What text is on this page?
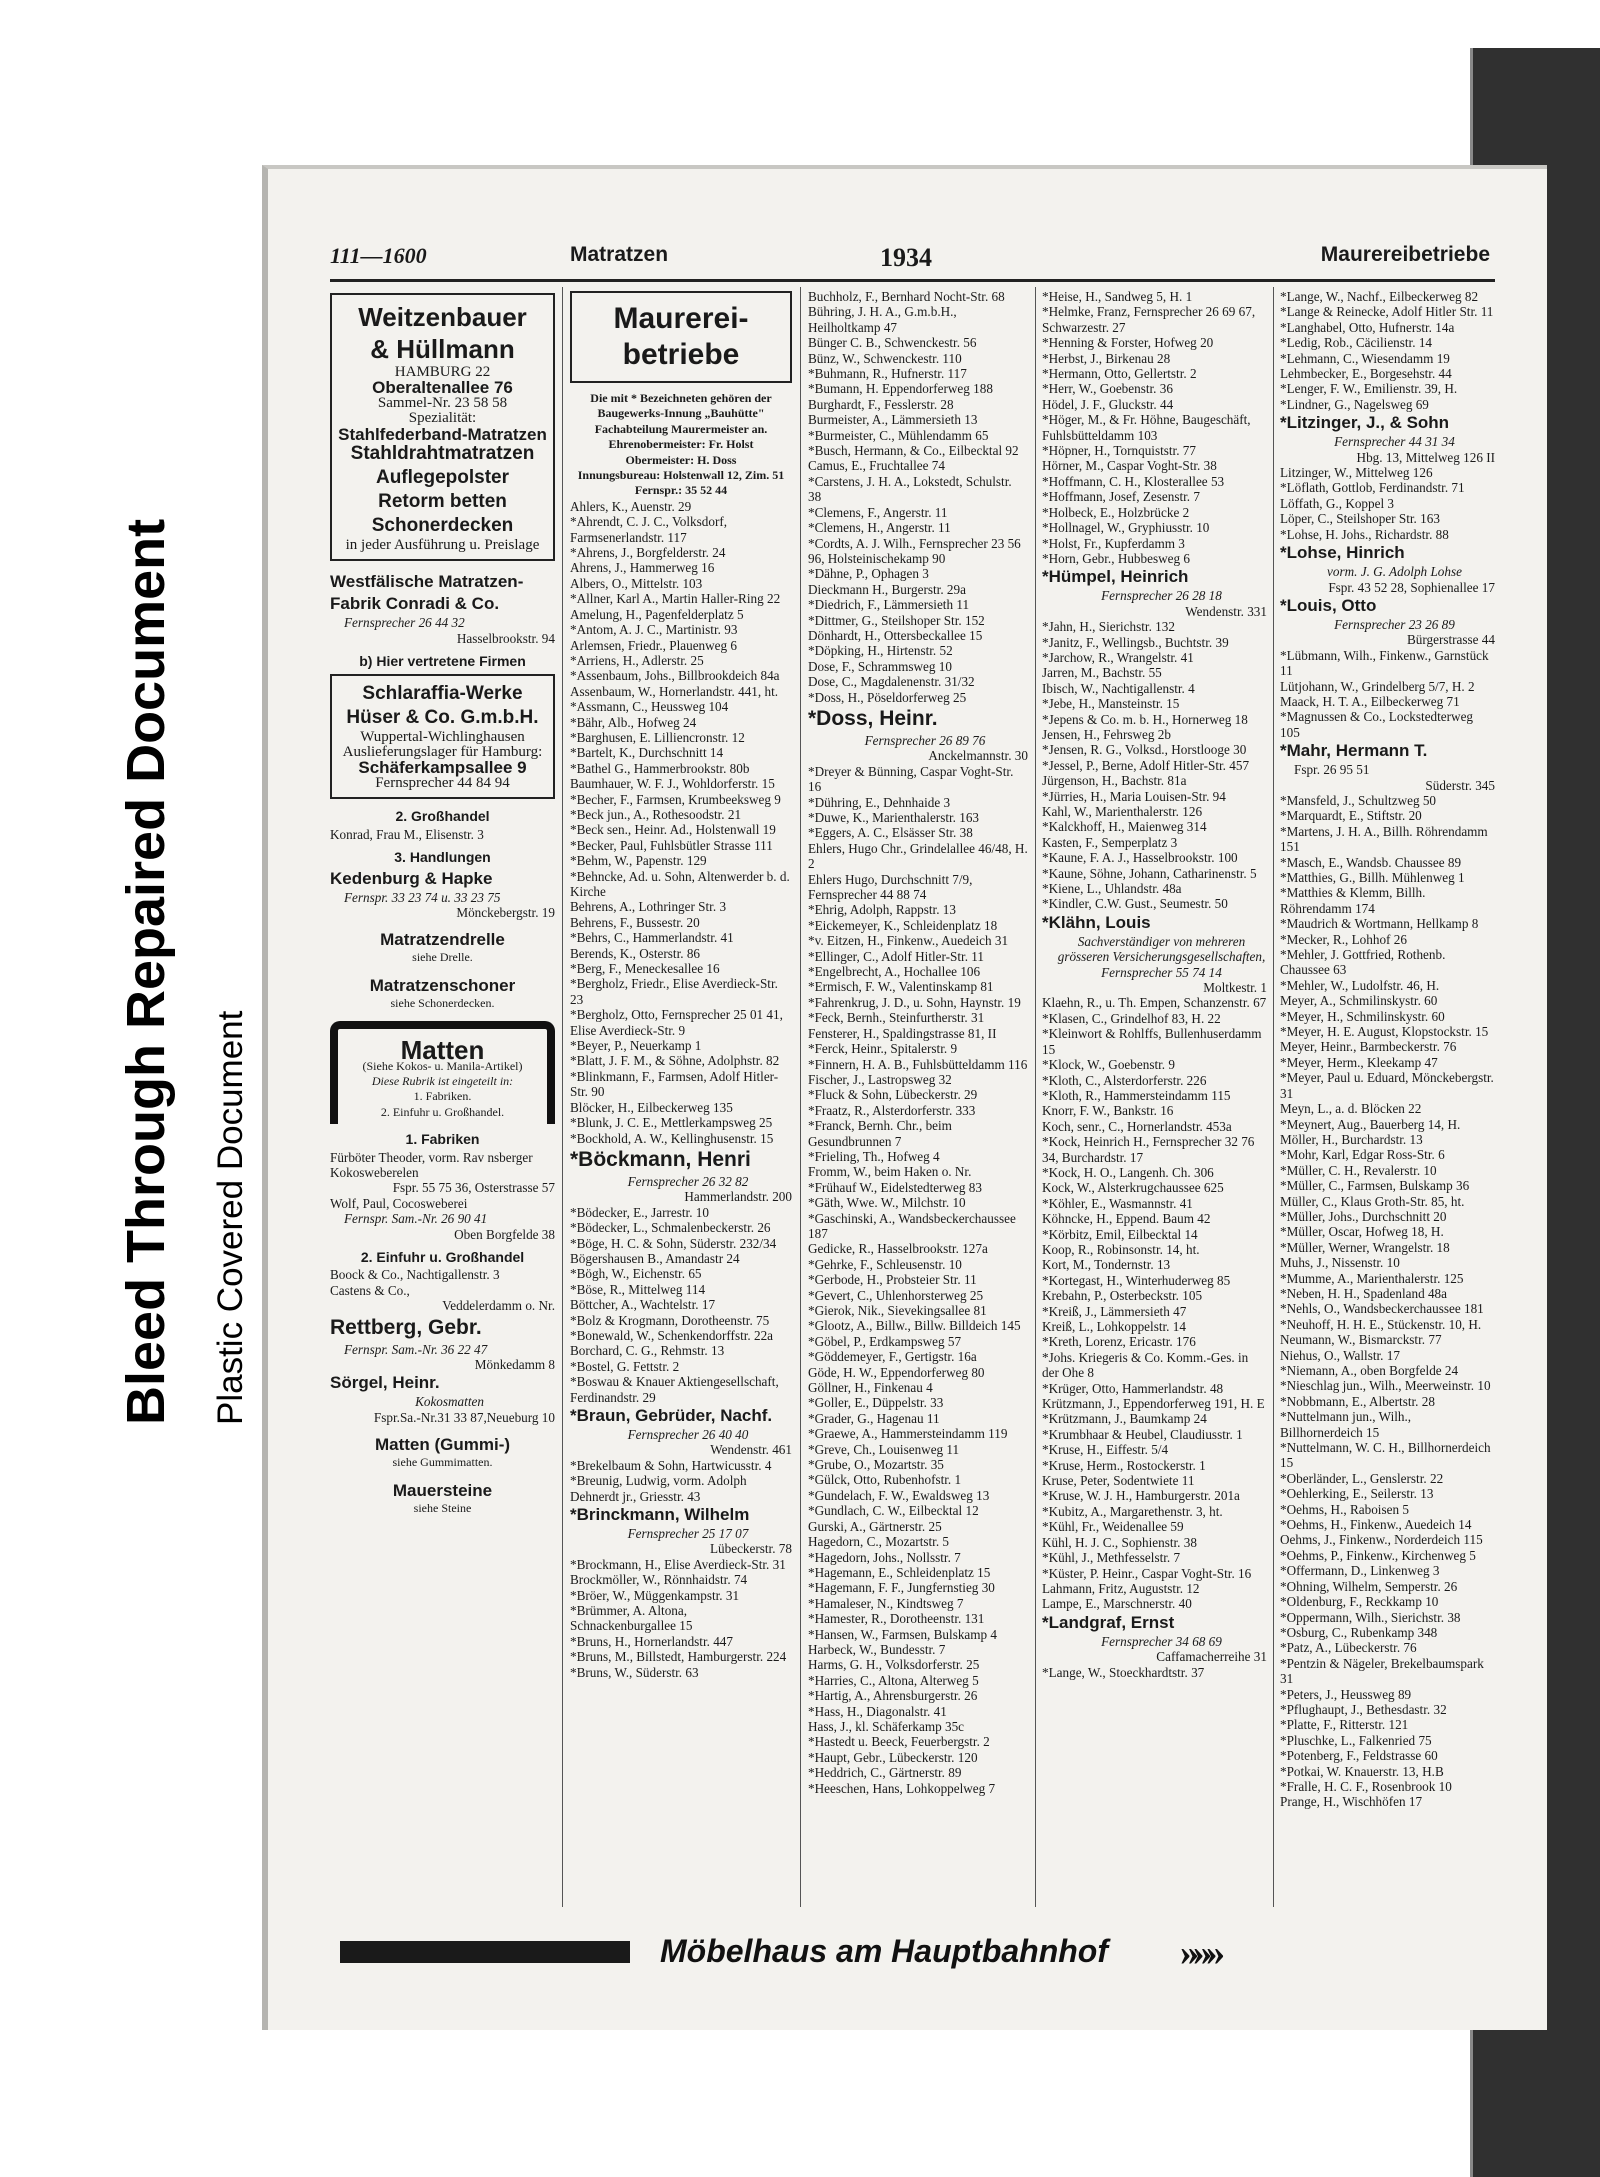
Bleed Through Repaired Document Plastic Covered Document
111—1600	Matratzen	1934	Maurereibetriebe
Weitzenbauer
& Hüllmann
HAMBURG 22
Oberaltenallee 76
Sammel-Nr. 23 58 58
Spezialität:
Stahlfederband-Matratzen
Stahldrahtmatratzen
Auflegepolster
Retorm betten
Schonerdecken
in jeder Ausführung u. Preislage
Westfälische Matratzen-Fabrik Conradi & Co.
Fernsprecher 26 44 32
Hasselbrookstr. 94
b) Hier vertretene Firmen
Schlaraffia-Werke
Hüser & Co. G.m.b.H.
Wuppertal-Wichlinghausen
Auslieferungslager für Hamburg:
Schäferkampsallee 9
Fernsprecher 44 84 94
2. Großhandel
Konrad, Frau M., Elisenstr. 3
3. Handlungen
Kedenburg & Hapke
Fernspr. 33 23 74 u. 33 23 75
Mönckebergstr. 19
Matratzendrelle
siehe Drelle.
Matratzenschoner
siehe Schonerdecken.
Matten
(Siehe Kokos- u. Manila-Artikel)
Diese Rubrik ist eingeteilt in:
1. Fabriken.
2. Einfuhr u. Großhandel.
1. Fabriken
Fürböter Theoder, vorm. Rav nsberger Kokosweberelen
Fspr. 55 75 36, Osterstrasse 57
Wolf, Paul, Cocosweberei
Fernspr. Sam.-Nr. 26 90 41
Oben Borgfelde 38
2. Einfuhr u. Großhandel
Boock & Co., Nachtigallenstr. 3
Castens & Co.,
Veddelerdamm o. Nr.
Rettberg, Gebr.
Fernspr. Sam.-Nr. 36 22 47
Mönkedamm 8
Sörgel, Heinr.
Kokosmatten
Fspr.Sa.-Nr.31 33 87,Neueburg 10
Matten (Gummi-)
siehe Gummimatten.
Mauersteine
siehe Steine
Maurerei-betriebe
Die mit * Bezeichneten gehören der Baugewerks-Innung „Bauhütte" Fachabteilung Maurermeister an.
Ehrenobermeister: Fr. Holst
Obermeister: H. Doss
Innungsbureau: Holstenwall 12, Zim. 51
Fernspr.: 35 52 44
Ahlers, K., Auenstr. 29
*Ahrendt, C. J. C., Volksdorf, Farmsenerlandstr. 117
*Ahrens, J., Borgfelderstr. 24
Ahrens, J., Hammerweg 16
Albers, O., Mittelstr. 103
*Allner, Karl A., Martin Haller-Ring 22
Amelung, H., Pagenfelderplatz 5
*Antom, A. J. C., Martinistr. 93
Arlemsen, Friedr., Plauenweg 6
*Arriens, H., Adlerstr. 25
*Assenbaum, Johs., Billbrookdeich 84a
Assenbaum, W., Hornerlandstr. 441, ht.
*Assmann, C., Heussweg 104
*Bähr, Alb., Hofweg 24
*Barghusen, E. Lilliencronstr. 12
*Bartelt, K., Durchschnitt 14
*Bathel G., Hammerbrookstr. 80b
Baumhauer, W. F. J., Wohldorferstr. 15
*Becher, F., Farmsen, Krumbeeksweg 9
*Beck jun., A., Rothesoodstr. 21
*Beck sen., Heinr. Ad., Holstenwall 19
*Becker, Paul, Fuhlsbütler Strasse 111
*Behm, W., Papenstr. 129
*Behncke, Ad. u. Sohn, Altenwerder b. d. Kirche
Behrens, A., Lothringer Str. 3
Behrens, F., Bussestr. 20
*Behrs, C., Hammerlandstr. 41
Berends, K., Osterstr. 86
*Berg, F., Meneckesallee 16
*Bergholz, Friedr., Elise Averdieck-Str. 23
*Bergholz, Otto, Fernsprecher 25 01 41, Elise Averdieck-Str. 9
*Beyer, P., Neuerkamp 1
*Blatt, J. F. M., & Söhne, Adolphstr. 82
*Blinkmann, F., Farmsen, Adolf Hitler-Str. 90
Blöcker, H., Eilbeckerweg 135
*Blunk, J. C. E., Mettlerkampsweg 25
*Bockhold, A. W., Kellinghusenstr. 15
*Böckmann, Henri
Fernsprecher 26 32 82
Hammerlandstr. 200
*Bödecker, E., Jarrestr. 10
*Bödecker, L., Schmalenbeckerstr. 26
*Böge, H. C. & Sohn, Süderstr. 232/34
Bögershausen B., Amandastr 24
*Bögh, W., Eichenstr. 65
*Böse, R., Mittelweg 114
Böttcher, A., Wachtelstr. 17
*Bolz & Krogmann, Dorotheenstr. 75
*Bonewald, W., Schenkendorffstr. 22a
Borchard, C. G., Rehmstr. 13
*Bostel, G. Fettstr. 2
*Boswau & Knauer Aktiengesellschaft, Ferdinandstr. 29
*Braun, Gebrüder, Nachf.
Fernsprecher 26 40 40
Wendenstr. 461
*Brekelbaum & Sohn, Hartwicusstr. 4
*Breunig, Ludwig, vorm. Adolph Dehnerdt jr., Griesstr. 43
*Brinckmann, Wilhelm
Fernsprecher 25 17 07
Lübeckerstr. 78
*Brockmann, H., Elise Averdieck-Str. 31
Brockmöller, W., Rönnhaidstr. 74
*Bröer, W., Müggenkampstr. 31
*Brümmer, A. Altona, Schnackenburgallee 15
*Bruns, H., Hornerlandstr. 447
*Bruns, M., Billstedt, Hamburgerstr. 224
*Bruns, W., Süderstr. 63
Buchholz, F., Bernhard Nocht-Str. 68
Bühring, J. H. A., G.m.b.H., Heilholtkamp 47
Bünger C. B., Schwenckestr. 56
Bünz, W., Schwenckestr. 110
*Buhmann, R., Hufnerstr. 117
*Bumann, H. Eppendorferweg 188
Burghardt, F., Fesslerstr. 28
Burmeister, A., Lämmersieth 13
*Burmeister, C., Mühlendamm 65
*Busch, Hermann, & Co., Eilbecktal 92
Camus, E., Fruchtallee 74
*Carstens, J. H. A., Lokstedt, Schulstr. 38
*Clemens, F., Angerstr. 11
*Clemens, H., Angerstr. 11
*Cordts, A. J. Wilh., Fernsprecher 23 56 96, Holsteinischekamp 90
*Dähne, P., Ophagen 3
Dieckmann H., Burgerstr. 29a
*Diedrich, F., Lämmersieth 11
*Dittmer, G., Steilshoper Str. 152
Dönhardt, H., Ottersbeckallee 15
*Döpking, H., Hirtenstr. 52
Dose, F., Schrammsweg 10
Dose, C., Magdalenenstr. 31/32
*Doss, H., Pöseldorferweg 25
*Doss, Heinr.
Fernsprecher 26 89 76
Anckelmannstr. 30
*Dreyer & Bünning, Caspar Voght-Str. 16
*Dühring, E., Dehnhaide 3
*Duwe, K., Marienthalerstr. 163
*Eggers, A. C., Elsässer Str. 38
Ehlers, Hugo Chr., Grindelallee 46/48, H. 2
Ehlers Hugo, Durchschnitt 7/9, Fernsprecher 44 88 74
*Ehrig, Adolph, Rappstr. 13
*Eickemeyer, K., Schleidenplatz 18
*v. Eitzen, H., Finkenw., Auedeich 31
*Ellinger, C., Adolf Hitler-Str. 11
*Engelbrecht, A., Hochallee 106
*Ermisch, F. W., Valentinskamp 81
*Fahrenkrug, J. D., u. Sohn, Haynstr. 19
*Feck, Bernh., Steinfurtherstr. 31
Fensterer, H., Spaldingstrasse 81, II
*Ferck, Heinr., Spitalerstr. 9
*Finnern, H. A. B., Fuhlsbütteldamm 116
Fischer, J., Lastropsweg 32
*Fluck & Sohn, Lübeckerstr. 29
*Fraatz, R., Alsterdorferstr. 333
*Franck, Bernh. Chr., beim Gesundbrunnen 7
*Frieling, Th., Hofweg 4
Fromm, W., beim Haken o. Nr.
*Frühauf W., Eidelstedterweg 83
*Gäth, Wwe. W., Milchstr. 10
*Gaschinski, A., Wandsbeckerchaussee 187
Gedicke, R., Hasselbrookstr. 127a
*Gehrke, F., Schleusenstr. 10
*Gerbode, H., Probsteier Str. 11
*Gevert, C., Uhlenhorsterweg 25
*Gierok, Nik., Sievekingsallee 81
*Glootz, A., Billw., Billw. Billdeich 145
*Göbel, P., Erdkampsweg 57
*Göddemeyer, F., Gertigstr. 16a
Göde, H. W., Eppendorferweg 80
Göllner, H., Finkenau 4
*Goller, E., Düppelstr. 33
*Grader, G., Hagenau 11
*Graewe, A., Hammersteindamm 119
*Greve, Ch., Louisenweg 11
*Grube, O., Mozartstr. 35
*Gülck, Otto, Rubenhofstr. 1
*Gundelach, F. W., Ewaldsweg 13
*Gundlach, C. W., Eilbecktal 12
Gurski, A., Gärtnerstr. 25
Hagedorn, C., Mozartstr. 5
*Hagedorn, Johs., Nollsstr. 7
*Hagemann, E., Schleidenplatz 15
*Hagemann, F. F., Jungfernstieg 30
*Hamaleser, N., Kindtsweg 7
*Hamester, R., Dorotheenstr. 131
*Hansen, W., Farmsen, Bulskamp 4
Harbeck, W., Bundesstr. 7
Harms, G. H., Volksdorferstr. 25
*Harries, C., Altona, Alterweg 5
*Hartig, A., Ahrensburgerstr. 26
*Hass, H., Diagonalstr. 41
Hass, J., kl. Schäferkamp 35c
*Hastedt u. Beeck, Feuerbergstr. 2
*Haupt, Gebr., Lübeckerstr. 120
*Heddrich, C., Gärtnerstr. 89
*Heeschen, Hans, Lohkoppelweg 7
*Heise, H., Sandweg 5, H. 1
*Helmke, Franz, Fernsprecher 26 69 67, Schwarzestr. 27
*Henning & Forster, Hofweg 20
*Herbst, J., Birkenau 28
*Hermann, Otto, Gellertstr. 2
*Herr, W., Goebenstr. 36
Hödel, J. F., Gluckstr. 44
*Höger, M., & Fr. Höhne, Baugeschäft, Fuhlsbütteldamm 103
*Höpner, H., Tornquiststr. 77
Hörner, M., Caspar Voght-Str. 38
*Hoffmann, C. H., Klosterallee 53
*Hoffmann, Josef, Zesenstr. 7
*Holbeck, E., Holzbrücke 2
*Hollnagel, W., Gryphiusstr. 10
*Holst, Fr., Kupferdamm 3
*Horn, Gebr., Hubbesweg 6
*Hümpel, Heinrich
Fernsprecher 26 28 18
Wendenstr. 331
*Jahn, H., Sierichstr. 132
*Janitz, F., Wellingsb., Buchtstr. 39
*Jarchow, R., Wrangelstr. 41
Jarren, M., Bachstr. 55
Ibisch, W., Nachtigallenstr. 4
*Jebe, H., Mansteinstr. 15
*Jepens & Co. m. b. H., Hornerweg 18
Jensen, H., Fehrsweg 2b
*Jensen, R. G., Volksd., Horstlooge 30
*Jessel, P., Berne, Adolf Hitler-Str. 457
Jürgenson, H., Bachstr. 81a
*Jürries, H., Maria Louisen-Str. 94
Kahl, W., Marienthalerstr. 126
*Kalckhoff, H., Maienweg 314
Kasten, F., Semperplatz 3
*Kaune, F. A. J., Hasselbrookstr. 100
*Kaune, Söhne, Johann, Catharinenstr. 5
*Kiene, L., Uhlandstr. 48a
*Kindler, C.W. Gust., Seumestr. 50
*Klähn, Louis
Sachverständiger von mehreren grösseren Versicherungsgesellschaften, Fernsprecher 55 74 14
Moltkestr. 1
Klaehn, R., u. Th. Empen, Schanzenstr. 67
*Klasen, C., Grindelhof 83, H. 22
*Kleinwort & Rohlffs, Bullenhuserdamm 15
*Klock, W., Goebenstr. 9
*Kloth, C., Alsterdorferstr. 226
*Kloth, R., Hammersteindamm 115
Knorr, F. W., Bankstr. 16
Koch, senr., C., Hornerlandstr. 453a
*Kock, Heinrich H., Fernsprecher 32 76 34, Burchardstr. 17
*Kock, H. O., Langenh. Ch. 306
Kock, W., Alsterkrugchaussee 625
*Köhler, E., Wasmannstr. 41
Köhncke, H., Eppend. Baum 42
*Körbitz, Emil, Eilbecktal 14
Koop, R., Robinsonstr. 14, ht.
Kort, M., Tondernstr. 13
*Kortegast, H., Winterhuderweg 85
Krebahn, P., Osterbeckstr. 105
*Kreiß, J., Lämmersieth 47
Kreiß, L., Lohkoppelstr. 14
*Kreth, Lorenz, Ericastr. 176
*Johs. Kriegeris & Co. Komm.-Ges. in der Ohe 8
*Krüger, Otto, Hammerlandstr. 48
Krützmann, J., Eppendorferweg 191, H. E
*Krützmann, J., Baumkamp 24
*Krumbhaar & Heubel, Claudiusstr. 1
*Kruse, H., Eiffestr. 5/4
*Kruse, Herm., Rostockerstr. 1
Kruse, Peter, Sodentwiete 11
*Kruse, W. J. H., Hamburgerstr. 201a
*Kubitz, A., Margarethenstr. 3, ht.
*Kühl, Fr., Weidenallee 59
Kühl, H. J. C., Sophienstr. 38
*Kühl, J., Methfesselstr. 7
*Küster, P. Heinr., Caspar Voght-Str. 16
Lahmann, Fritz, Auguststr. 12
Lampe, E., Marschnerstr. 40
*Landgraf, Ernst
Fernsprecher 34 68 69
Caffamacherreihe 31
*Lange, W., Stoeckhardtstr. 37
*Lange, W., Nachf., Eilbeckerweg 82
*Lange & Reinecke, Adolf Hitler Str. 11
*Langhabel, Otto, Hufnerstr. 14a
*Ledig, Rob., Cäcilienstr. 14
*Lehmann, C., Wiesendamm 19
Lehmbecker, E., Borgesehstr. 44
*Lenger, F. W., Emilienstr. 39, H.
*Lindner, G., Nagelsweg 69
*Litzinger, J., & Sohn
Fernsprecher 44 31 34
Hbg. 13, Mittelweg 126 II
Litzinger, W., Mittelweg 126
*Löflath, Gottlob, Ferdinandstr. 71
Löffath, G., Koppel 3
Löper, C., Steilshoper Str. 163
*Lohse, H. Johs., Richardstr. 88
*Lohse, Hinrich
vorm. J. G. Adolph Lohse
Fspr. 43 52 28, Sophienallee 17
*Louis, Otto
Fernsprecher 23 26 89
Bürgerstrasse 44
*Lübmann, Wilh., Finkenw., Garnstück 11
Lütjohann, W., Grindelberg 5/7, H. 2
Maack, H. T. A., Eilbeckerweg 71
*Magnussen & Co., Lockstedterweg 105
*Mahr, Hermann T.
Fspr. 26 95 51
Süderstr. 345
*Mansfeld, J., Schultzweg 50
*Marquardt, E., Stiftstr. 20
*Martens, J. H. A., Billh. Röhrendamm 151
*Masch, E., Wandsb. Chaussee 89
*Matthies, G., Billh. Mühlenweg 1
*Matthies & Klemm, Billh. Röhrendamm 174
*Maudrich & Wortmann, Hellkamp 8
*Mecker, R., Lohhof 26
*Mehler, J. Gottfried, Rothenb. Chaussee 63
*Mehler, W., Ludolfstr. 46, H.
Meyer, A., Schmilinskystr. 60
*Meyer, H., Schmilinskystr. 60
*Meyer, H. E. August, Klopstockstr. 15
Meyer, Heinr., Barmbeckerstr. 76
*Meyer, Herm., Kleekamp 47
*Meyer, Paul u. Eduard, Mönckebergstr. 31
Meyn, L., a. d. Blöcken 22
*Meynert, Aug., Bauerberg 14, H.
Möller, H., Burchardstr. 13
*Mohr, Karl, Edgar Ross-Str. 6
*Müller, C. H., Revalerstr. 10
*Müller, C., Farmsen, Bulskamp 36
Müller, C., Klaus Groth-Str. 85, ht.
*Müller, Johs., Durchschnitt 20
*Müller, Oscar, Hofweg 18, H.
*Müller, Werner, Wrangelstr. 18
Muhs, J., Nissenstr. 10
*Mumme, A., Marienthalerstr. 125
*Neben, H. H., Spadenland 48a
*Nehls, O., Wandsbeckerchaussee 181
*Neuhoff, H. H. E., Stückenstr. 10, H.
Neumann, W., Bismarckstr. 77
Niehus, O., Wallstr. 17
*Niemann, A., oben Borgfelde 24
*Nieschlag jun., Wilh., Meerweinstr. 10
*Nobbmann, E., Albertstr. 28
*Nuttelmann jun., Wilh., Billhornerdeich 15
*Nuttelmann, W. C. H., Billhornerdeich 15
*Oberländer, L., Genslerstr. 22
*Oehlerking, E., Seilerstr. 13
*Oehms, H., Raboisen 5
*Oehms, H., Finkenw., Auedeich 14
Oehms, J., Finkenw., Norderdeich 115
*Oehms, P., Finkenw., Kirchenweg 5
*Offermann, D., Linkenweg 3
*Ohning, Wilhelm, Semperstr. 26
*Oldenburg, F., Reckkamp 10
*Oppermann, Wilh., Sierichstr. 38
*Osburg, C., Rubenkamp 348
*Patz, A., Lübeckerstr. 76
*Pentzin & Nägeler, Brekelbaumspark 31
*Peters, J., Heussweg 89
*Pflughaupt, J., Bethesdastr. 32
*Platte, F., Ritterstr. 121
*Pluschke, L., Falkenried 75
*Potenberg, F., Feldstrasse 60
*Potkai, W. Knauerstr. 13, H.B
*Fralle, H. C. F., Rosenbrook 10
Prange, H., Wischhöfen 17
Möbelhaus am Hauptbahnhof »»»
